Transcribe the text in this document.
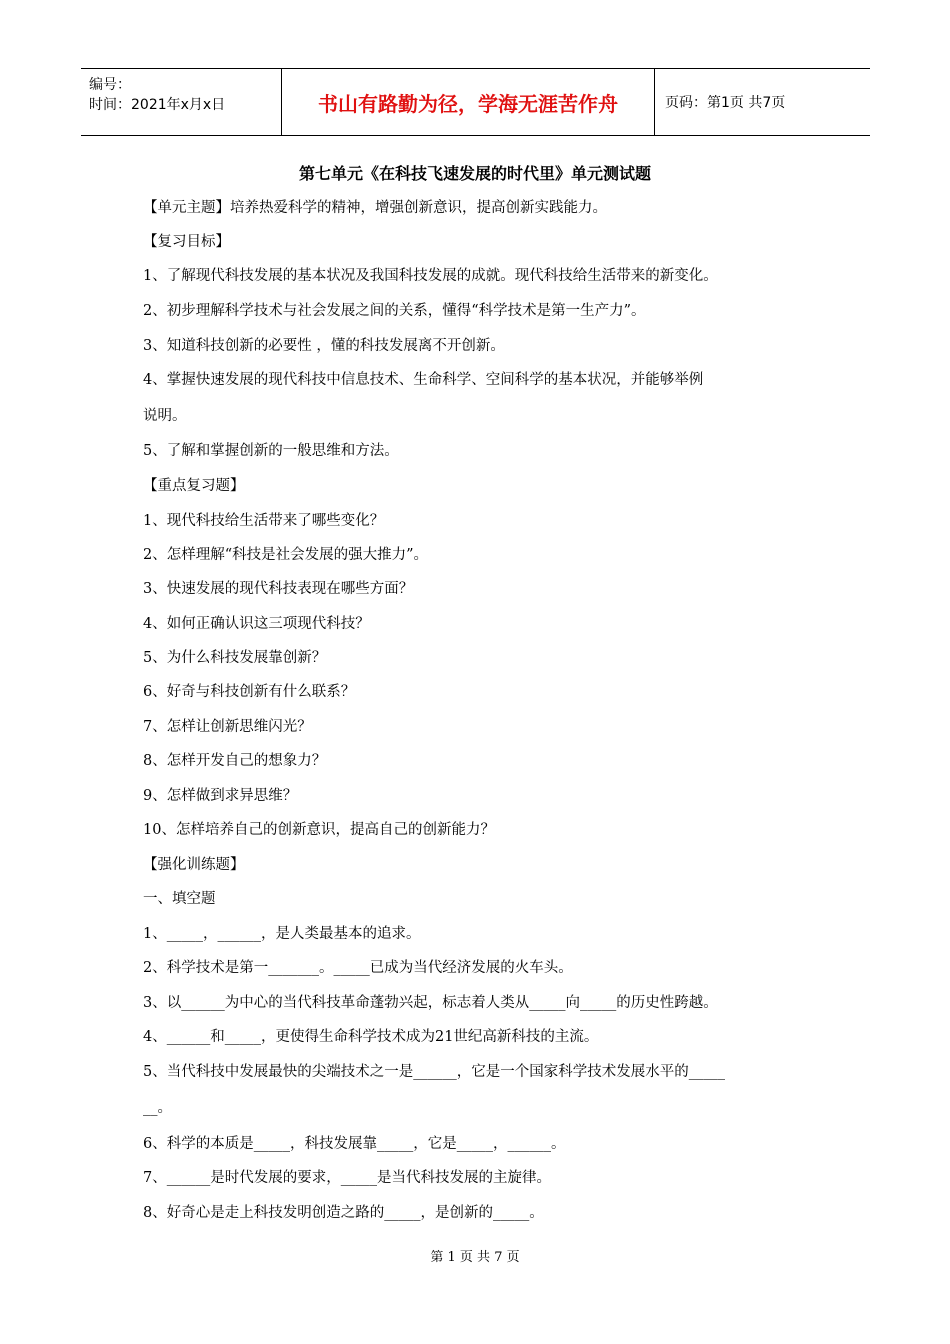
编号：
时间：2021年x月x日	书山有路勤为径，学海无涯苦作舟	页码：第1页 共7页
第七单元《在科技飞速发展的时代里》单元测试题
【单元主题】培养热爱科学的精神，增强创新意识，提高创新实践能力。
【复习目标】
1、了解现代科技发展的基本状况及我国科技发展的成就。现代科技给生活带来的新变化。
2、初步理解科学技术与社会发展之间的关系，懂得“科学技术是第一生产力”。
3、知道科技创新的必要性 ，懂的科技发展离不开创新。
4、掌握快速发展的现代科技中信息技术、生命科学、空间科学的基本状况，并能够举例
说明。
5、了解和掌握创新的一般思维和方法。
【重点复习题】
1、现代科技给生活带来了哪些变化？
2、怎样理解“科技是社会发展的强大推力”。
3、快速发展的现代科技表现在哪些方面？
4、如何正确认识这三项现代科技？
5、为什么科技发展靠创新？
6、好奇与科技创新有什么联系？
7、怎样让创新思维闪光？
8、怎样开发自己的想象力？
9、怎样做到求异思维？
10、怎样培养自己的创新意识，提高自己的创新能力？
【强化训练题】
一、填空题
1、_____，______，是人类最基本的追求。
2、科学技术是第一_______。_____已成为当代经济发展的火车头。
3、以______为中心的当代科技革命蓬勃兴起，标志着人类从_____向_____的历史性跨越。
4、______和_____，更使得生命科学技术成为21世纪高新科技的主流。
5、当代科技中发展最快的尖端技术之一是______，它是一个国家科学技术发展水平的_____
__。
6、科学的本质是_____，科技发展靠_____，它是_____，______。
7、______是时代发展的要求，_____是当代科技发展的主旋律。
8、好奇心是走上科技发明创造之路的_____，是创新的_____。
第 1 页 共 7 页
